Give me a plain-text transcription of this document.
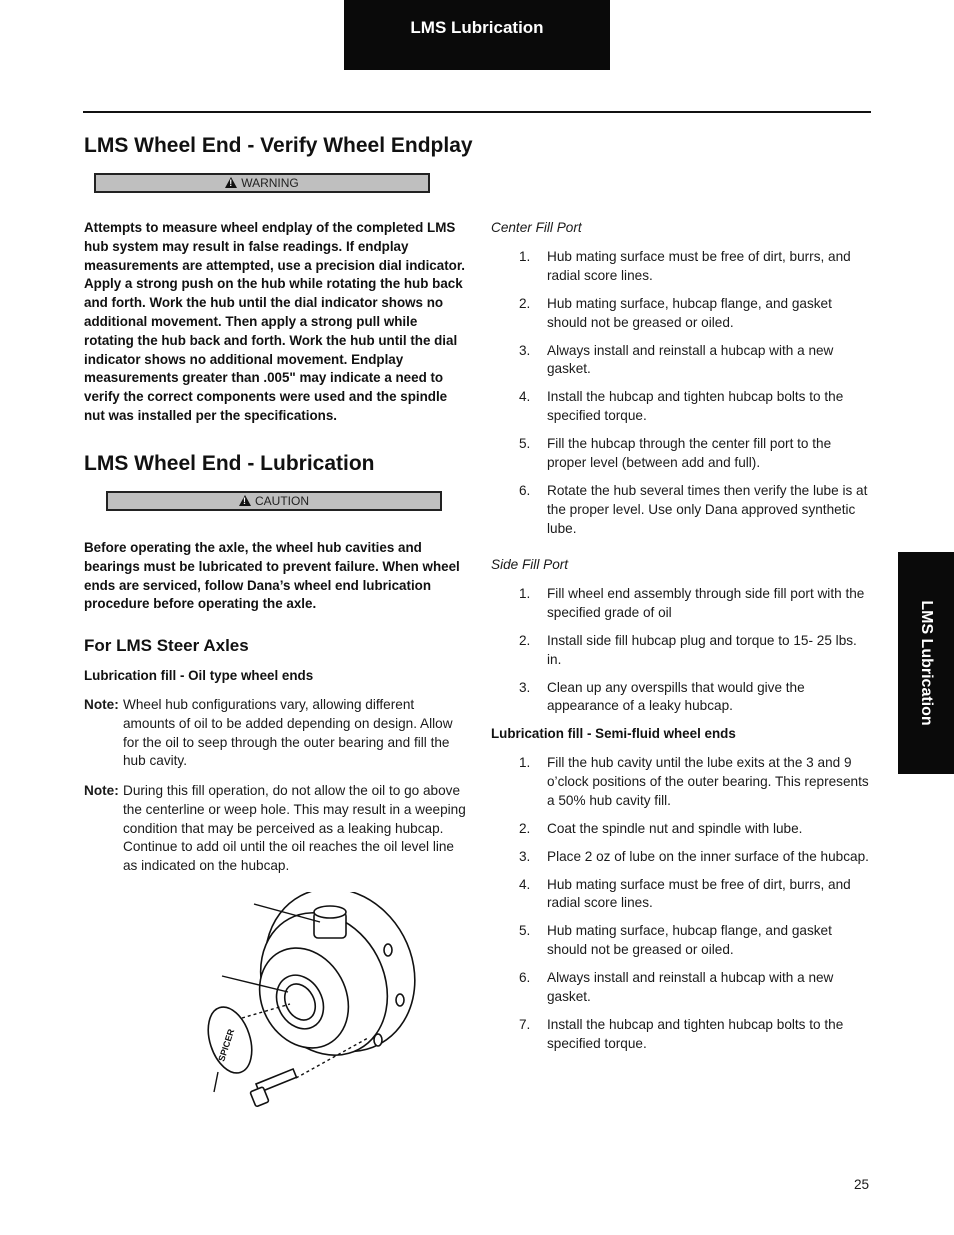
LMS Lubrication
LMS Lubrication
LMS Wheel End - Verify Wheel Endplay
!WARNING

Attempts to measure wheel endplay of the completed LMS hub system may result in false readings. If endplay measurements are attempted, use a precision dial indicator. Apply a strong push on the hub while rotating the hub back and forth. Work the hub until the dial indicator shows no additional movement. Then apply a strong pull while rotating the hub back and forth. Work the hub until the dial indicator shows no additional movement. Endplay measurements greater than .005" may indicate a need to verify the correct components were used and the spindle nut was installed per the specifications.

LMS Wheel End - Lubrication
!CAUTION

Before operating the axle, the wheel hub cavities and bearings must be lubricated to prevent failure. When wheel ends are serviced, follow Dana’s wheel end lubrication procedure before operating the axle.

For LMS Steer Axles

Lubrication fill - Oil type wheel ends

Note: Wheel hub configurations vary, allowing different amounts of oil to be added depending on design. Allow for the oil to seep through the outer bearing and fill the hub cavity.
Note: During this fill operation, do not allow the oil to go above the centerline or weep hole. This may result in a weeping condition that may be perceived as a leaking hubcap. Continue to add oil until the oil reaches the oil level line as indicated on the hubcap.
SPICER

Center Fill Port

1. Hub mating surface must be free of dirt, burrs, and radial score lines.
2. Hub mating surface, hubcap flange, and gasket should not be greased or oiled.
3. Always install and reinstall a hubcap with a new gasket.
4. Install the hubcap and tighten hubcap bolts to the specified torque.
5. Fill the hubcap through the center fill port to the proper level (between add and full).
6. Rotate the hub several times then verify the lube is at the proper level. Use only Dana approved synthetic lube.

Side Fill Port

1. Fill wheel end assembly through side fill port with the specified grade of oil
2. Install side fill hubcap plug and torque to 15- 25 lbs. in.
3. Clean up any overspills that would give the appearance of a leaky hubcap.

Lubrication fill - Semi-fluid wheel ends

1. Fill the hub cavity until the lube exits at the 3 and 9 o’clock positions of the outer bearing. This represents a 50% hub cavity fill.
2. Coat the spindle nut and spindle with lube.
3. Place 2 oz of lube on the inner surface of the hubcap.
4. Hub mating surface must be free of dirt, burrs, and radial score lines.
5. Hub mating surface, hubcap flange, and gasket should not be greased or oiled.
6. Always install and reinstall a hubcap with a new gasket.
7. Install the hubcap and tighten hubcap bolts to the specified torque.
25
